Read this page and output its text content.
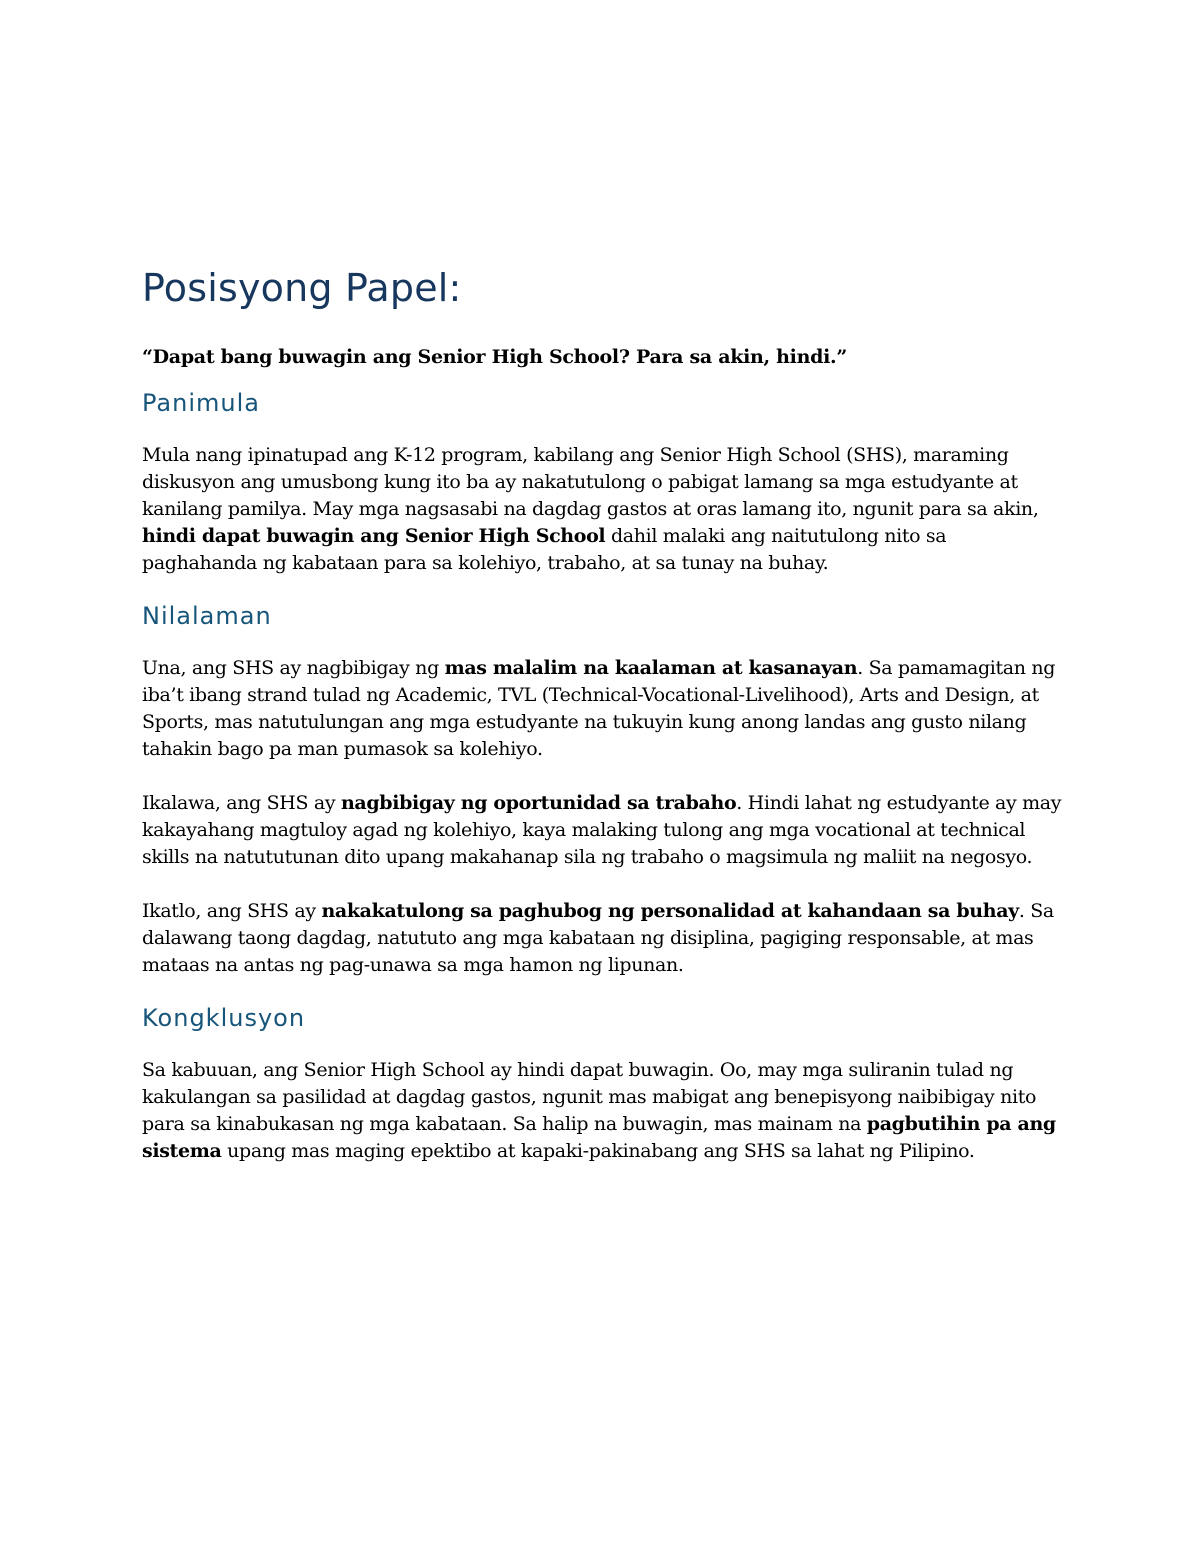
Posisyong Papel:

“Dapat bang buwagin ang Senior High School? Para sa akin, hindi.”

Panimula

Mula nang ipinatupad ang K-12 program, kabilang ang Senior High School (SHS), maraming diskusyon ang umusbong kung ito ba ay nakatutulong o pabigat lamang sa mga estudyante at kanilang pamilya. May mga nagsasabi na dagdag gastos at oras lamang ito, ngunit para sa akin, hindi dapat buwagin ang Senior High School dahil malaki ang naitutulong nito sa paghahanda ng kabataan para sa kolehiyo, trabaho, at sa tunay na buhay.

Nilalaman

Una, ang SHS ay nagbibigay ng mas malalim na kaalaman at kasanayan. Sa pamamagitan ng iba’t ibang strand tulad ng Academic, TVL (Technical-Vocational-Livelihood), Arts and Design, at Sports, mas natutulungan ang mga estudyante na tukuyin kung anong landas ang gusto nilang tahakin bago pa man pumasok sa kolehiyo.

Ikalawa, ang SHS ay nagbibigay ng oportunidad sa trabaho. Hindi lahat ng estudyante ay may kakayahang magtuloy agad ng kolehiyo, kaya malaking tulong ang mga vocational at technical skills na natututunan dito upang makahanap sila ng trabaho o magsimula ng maliit na negosyo.

Ikatlo, ang SHS ay nakakatulong sa paghubog ng personalidad at kahandaan sa buhay. Sa dalawang taong dagdag, natututo ang mga kabataan ng disiplina, pagiging responsable, at mas mataas na antas ng pag-unawa sa mga hamon ng lipunan.

Kongklusyon

Sa kabuuan, ang Senior High School ay hindi dapat buwagin. Oo, may mga suliranin tulad ng kakulangan sa pasilidad at dagdag gastos, ngunit mas mabigat ang benepisyong naibibigay nito para sa kinabukasan ng mga kabataan. Sa halip na buwagin, mas mainam na pagbutihin pa ang sistema upang mas maging epektibo at kapaki-pakinabang ang SHS sa lahat ng Pilipino.
